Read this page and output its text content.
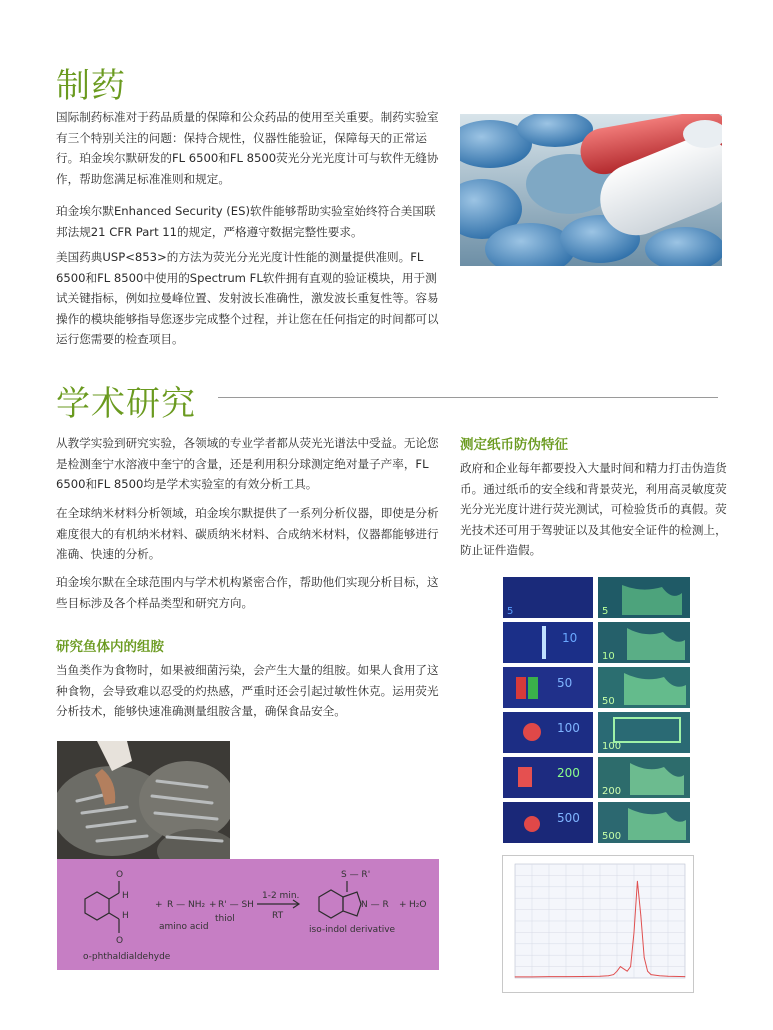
制药

国际制药标准对于药品质量的保障和公众药品的使用至关重要。制药实验室有三个特别关注的问题：保持合规性，仪器性能验证，保障每天的正常运行。珀金埃尔默研发的FL 6500和FL 8500荧光分光光度计可与软件无缝协作，帮助您满足标准准则和规定。

珀金埃尔默Enhanced Security (ES)软件能够帮助实验室始终符合美国联邦法规21 CFR Part 11的规定，严格遵守数据完整性要求。

美国药典USP<853>的方法为荧光分光光度计性能的测量提供准则。FL 6500和FL 8500中使用的Spectrum FL软件拥有直观的验证模块，用于测试关键指标，例如拉曼峰位置、发射波长准确性，激发波长重复性等。容易操作的模块能够指导您逐步完成整个过程，并让您在任何指定的时间都可以运行您需要的检查项目。

学术研究

从教学实验到研究实验，各领域的专业学者都从荧光光谱法中受益。无论您是检测奎宁水溶液中奎宁的含量，还是利用积分球测定绝对量子产率，FL 6500和FL 8500均是学术实验室的有效分析工具。

在全球纳米材料分析领域，珀金埃尔默提供了一系列分析仪器，即使是分析难度很大的有机纳米材料、碳质纳米材料、合成纳米材料，仪器都能够进行准确、快速的分析。

珀金埃尔默在全球范围内与学术机构紧密合作，帮助他们实现分析目标，这些目标涉及各个样品类型和研究方向。

研究鱼体内的组胺

当鱼类作为食物时，如果被细菌污染，会产生大量的组胺。如果人食用了这种食物，会导致难以忍受的灼热感，严重时还会引起过敏性休克。运用荧光分析技术，能够快速准确测量组胺含量，确保食品安全。

O
H
H
O
+ R — NH₂ + R' — SH
amino acid
thiol
1-2 min.
RT
S — R'
N — R + H₂O
iso-indol derivative
o-phthaldialdehyde
测定纸币防伪特征

政府和企业每年都要投入大量时间和精力打击伪造货币。通过纸币的安全线和背景荧光，利用高灵敏度荧光分光光度计进行荧光测试，可检验货币的真假。荧光技术还可用于驾驶证以及其他安全证件的检测上，防止证件造假。

5	5
10
10
50
50
100
100
200
200
500
500
